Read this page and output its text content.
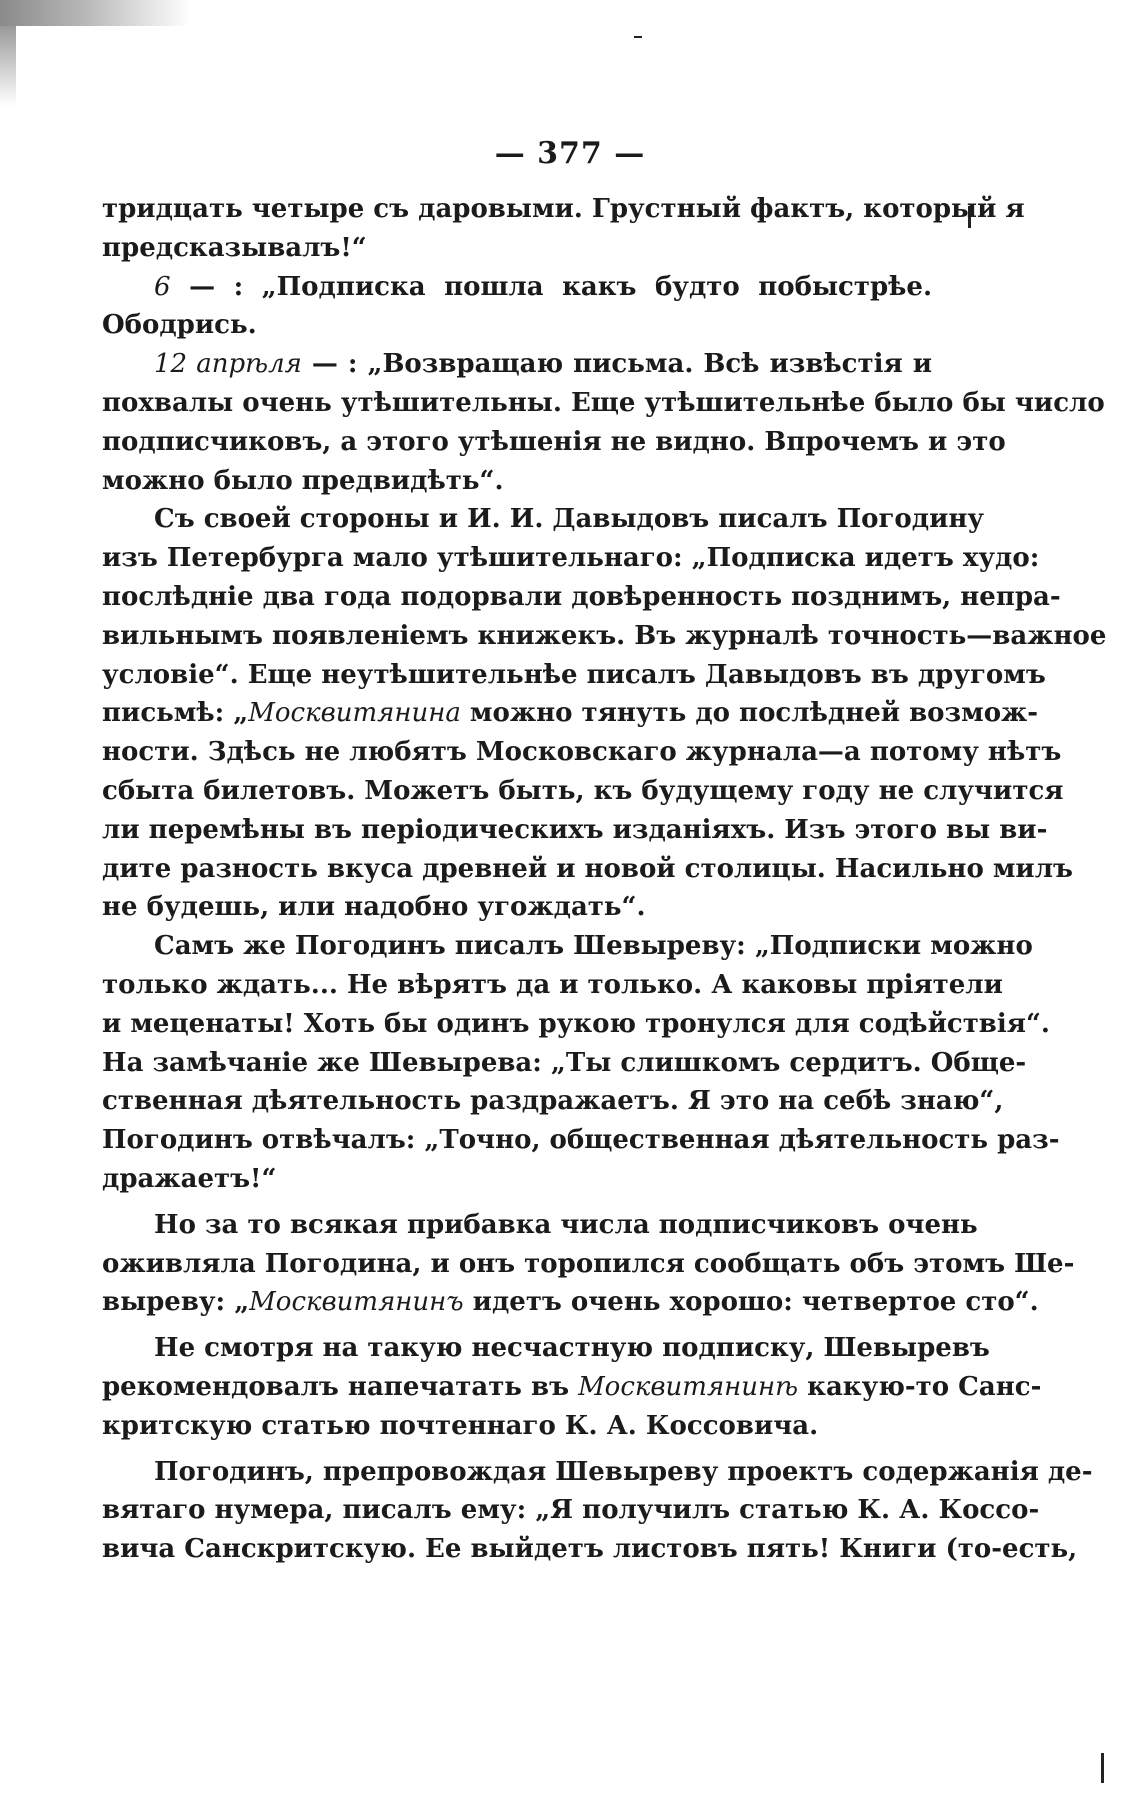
— 377 —
тридцать четыре съ даровыми. Грустный фактъ, который я
предсказывалъ!“
6 — : „Подписка пошла какъ будто побыстрѣе.
Ободрись.
12 апрѣля — : „Возвращаю письма. Всѣ извѣстія и
похвалы очень утѣшительны. Еще утѣшительнѣе было бы число
подписчиковъ, а этого утѣшенія не видно. Впрочемъ и это
можно было предвидѣть“.
Съ своей стороны и И. И. Давыдовъ писалъ Погодину
изъ Петербурга мало утѣшительнаго: „Подписка идетъ худо:
послѣдніе два года подорвали довѣренность позднимъ, непра-
вильнымъ появленіемъ книжекъ. Въ журналѣ точность—важное
условіе“. Еще неутѣшительнѣе писалъ Давыдовъ въ другомъ
письмѣ: „Москвитянина можно тянуть до послѣдней возмож-
ности. Здѣсь не любятъ Московскаго журнала—а потому нѣтъ
сбыта билетовъ. Можетъ быть, къ будущему году не случится
ли перемѣны въ періодическихъ изданіяхъ. Изъ этого вы ви-
дите разность вкуса древней и новой столицы. Насильно милъ
не будешь, или надобно угождать“.
Самъ же Погодинъ писалъ Шевыреву: „Подписки можно
только ждать... Не вѣрятъ да и только. А каковы пріятели
и меценаты! Хоть бы одинъ рукою тронулся для содѣйствія“.
На замѣчаніе же Шевырева: „Ты слишкомъ сердитъ. Обще-
ственная дѣятельность раздражаетъ. Я это на себѣ знаю“,
Погодинъ отвѣчалъ: „Точно, общественная дѣятельность раз-
дражаетъ!“
Но за то всякая прибавка числа подписчиковъ очень
оживляла Погодина, и онъ торопился сообщать объ этомъ Ше-
выреву: „Москвитянинъ идетъ очень хорошо: четвертое сто“.
Не смотря на такую несчастную подписку, Шевыревъ
рекомендовалъ напечатать въ Москвитянинѣ какую-то Санс-
критскую статью почтеннаго К. А. Коссовича.
Погодинъ, препровождая Шевыреву проектъ содержанія де-
вятаго нумера, писалъ ему: „Я получилъ статью К. А. Коссо-
вича Санскритскую. Ее выйдетъ листовъ пять! Книги (то-есть,
